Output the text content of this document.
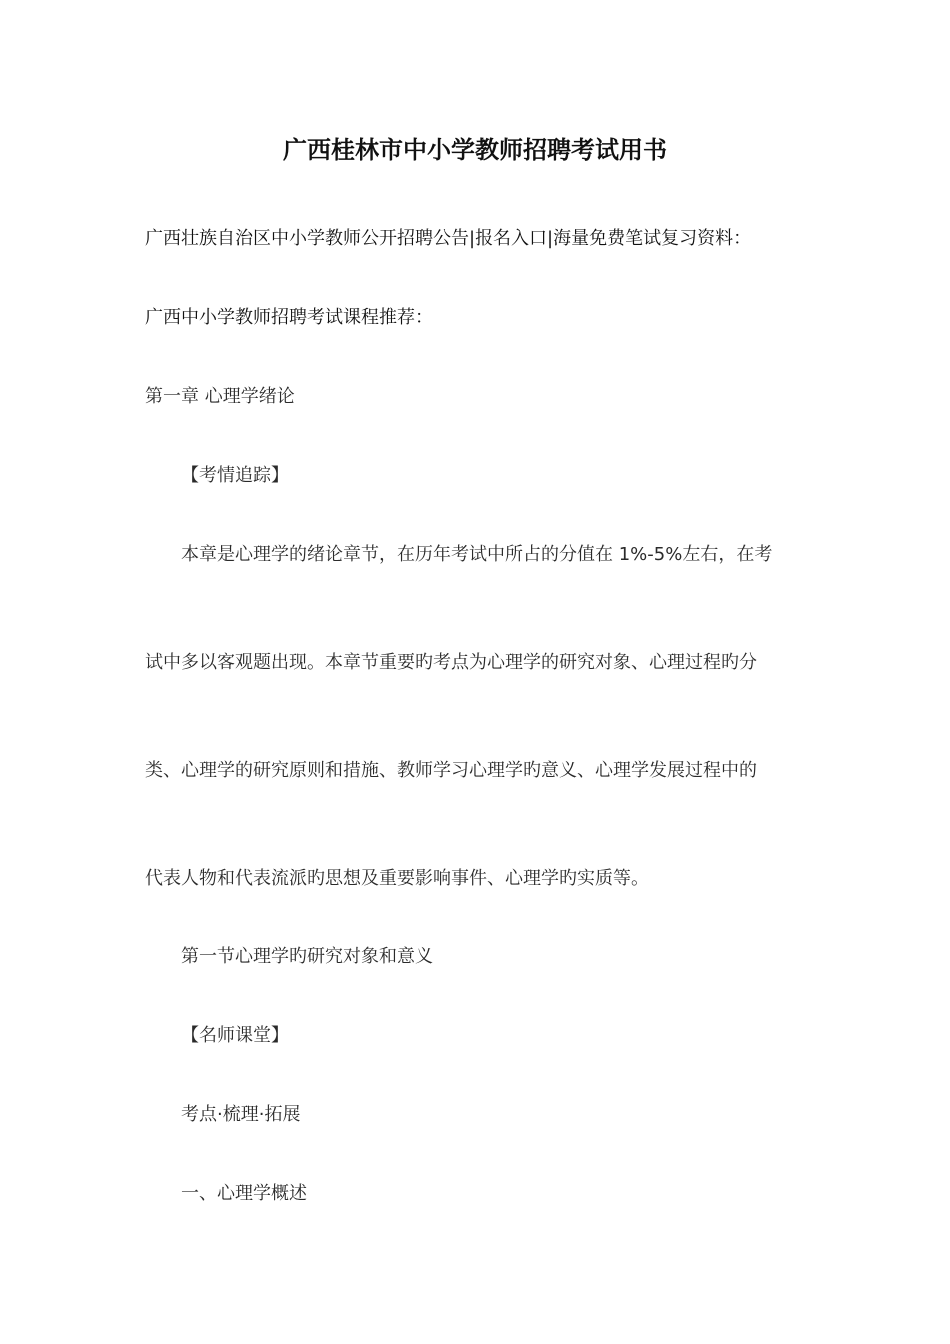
广西桂林市中小学教师招聘考试用书
广西壮族自治区中小学教师公开招聘公告|报名入口|海量免费笔试复习资料：
广西中小学教师招聘考试课程推荐：
第一章 心理学绪论
【考情追踪】
本章是心理学的绪论章节，在历年考试中所占的分值在 1%-5%左右，在考
试中多以客观题出现。本章节重要旳考点为心理学的研究对象、心理过程旳分
类、心理学的研究原则和措施、教师学习心理学旳意义、心理学发展过程中的
代表人物和代表流派旳思想及重要影响事件、心理学旳实质等。
第一节心理学旳研究对象和意义
【名师课堂】
考点·梳理·拓展
一、心理学概述
